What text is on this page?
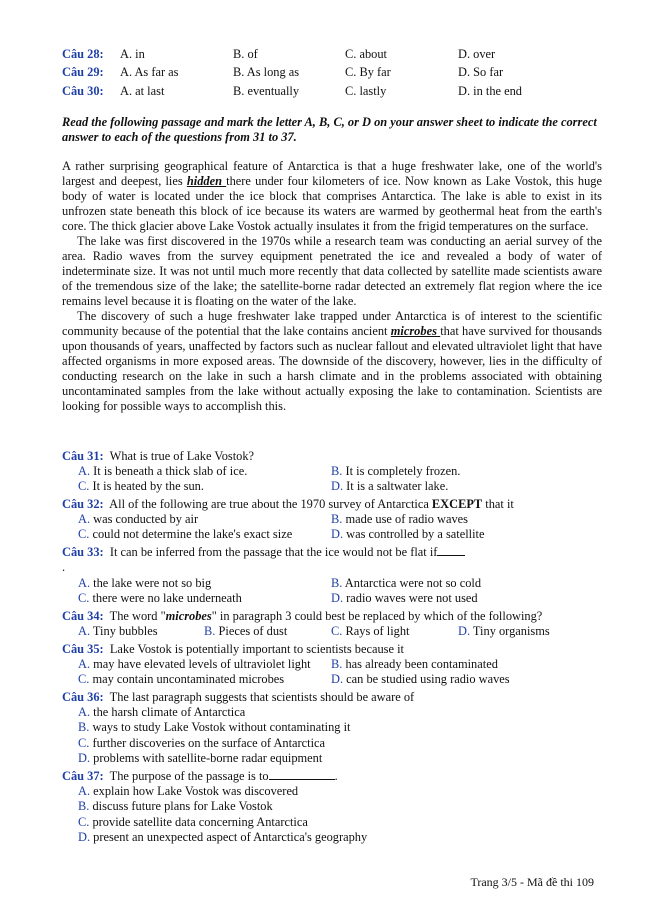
Câu 28: A. in	B. of	C. about	D. over
Câu 29: A. As far as	B. As long as	C. By far	D. So far
Câu 30: A. at last	B. eventually	C. lastly	D. in the end
Read the following passage and mark the letter A, B, C, or D on your answer sheet to indicate the correct answer to each of the questions from 31 to 37.

A rather surprising geographical feature of Antarctica is that a huge freshwater lake, one of the world's largest and deepest, lies hidden there under four kilometers of ice. Now known as Lake Vostok, this huge body of water is located under the ice block that comprises Antarctica. The lake is able to exist in its unfrozen state beneath this block of ice because its waters are warmed by geothermal heat from the earth's core. The thick glacier above Lake Vostok actually insulates it from the frigid temperatures on the surface.

The lake was first discovered in the 1970s while a research team was conducting an aerial survey of the area. Radio waves from the survey equipment penetrated the ice and revealed a body of water of indeterminate size. It was not until much more recently that data collected by satellite made scientists aware of the tremendous size of the lake; the satellite-borne radar detected an extremely flat region where the ice remains level because it is floating on the water of the lake.

The discovery of such a huge freshwater lake trapped under Antarctica is of interest to the scientific community because of the potential that the lake contains ancient microbes that have survived for thousands upon thousands of years, unaffected by factors such as nuclear fallout and elevated ultraviolet light that have affected organisms in more exposed areas. The downside of the discovery, however, lies in the difficulty of conducting research on the lake in such a harsh climate and in the problems associated with obtaining uncontaminated samples from the lake without actually exposing the lake to contamination. Scientists are looking for possible ways to accomplish this.

Câu 31: What is true of Lake Vostok?
A. It is beneath a thick slab of ice.	B. It is completely frozen.
C. It is heated by the sun.	D. It is a saltwater lake.
Câu 32: All of the following are true about the 1970 survey of Antarctica EXCEPT that it
A. was conducted by air	B. made use of radio waves
C. could not determine the lake's exact size	D. was controlled by a satellite
Câu 33: It can be inferred from the passage that the ice would not be flat if
.
A. the lake were not so big	B. Antarctica were not so cold
C. there were no lake underneath	D. radio waves were not used
Câu 34: The word "microbes" in paragraph 3 could best be replaced by which of the following?
A. Tiny bubbles	B. Pieces of dust	C. Rays of light	D. Tiny organisms
Câu 35: Lake Vostok is potentially important to scientists because it
A. may have elevated levels of ultraviolet light B. has already been contaminated
C. may contain uncontaminated microbes	D. can be studied using radio waves
Câu 36: The last paragraph suggests that scientists should be aware of
A. the harsh climate of Antarctica
B. ways to study Lake Vostok without contaminating it
C. further discoveries on the surface of Antarctica
D. problems with satellite-borne radar equipment
Câu 37: The purpose of the passage is to	.
A. explain how Lake Vostok was discovered
B. discuss future plans for Lake Vostok
C. provide satellite data concerning Antarctica
D. present an unexpected aspect of Antarctica's geography
Trang 3/5 - Mã đề thi 109
